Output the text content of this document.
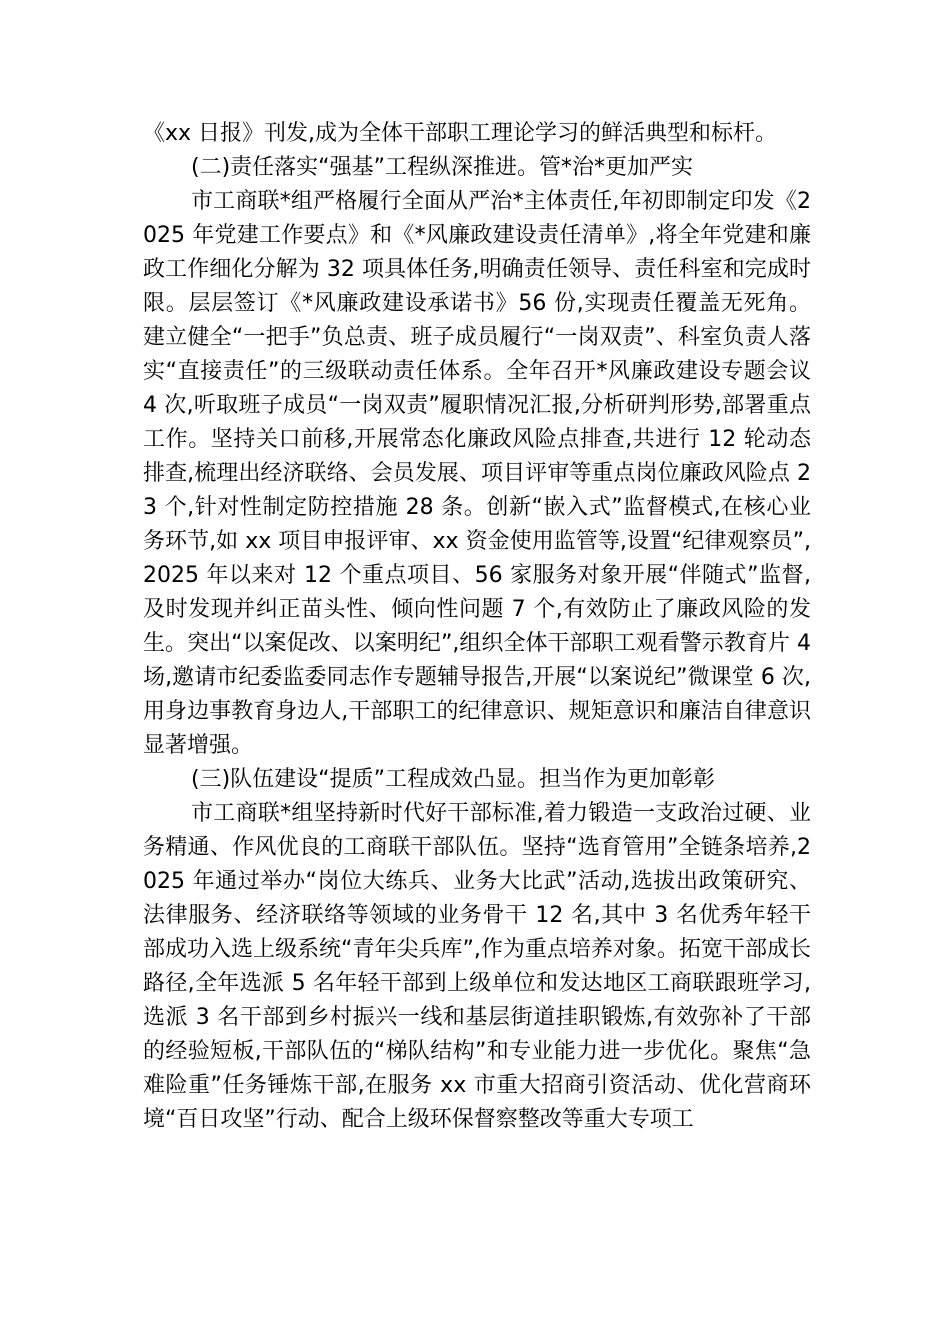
《xx 日报》刊发,成为全体干部职工理论学习的鲜活典型和标杆。

(二)责任落实“强基”工程纵深推进。管*治*更加严实

市工商联*组严格履行全面从严治*主体责任,年初即制定印发《2025 年党建工作要点》和《*风廉政建设责任清单》,将全年党建和廉政工作细化分解为 32 项具体任务,明确责任领导、责任科室和完成时限。层层签订《*风廉政建设承诺书》56 份,实现责任覆盖无死角。建立健全“一把手”负总责、班子成员履行“一岗双责”、科室负责人落实“直接责任”的三级联动责任体系。全年召开*风廉政建设专题会议 4 次,听取班子成员“一岗双责”履职情况汇报,分析研判形势,部署重点工作。坚持关口前移,开展常态化廉政风险点排查,共进行 12 轮动态排查,梳理出经济联络、会员发展、项目评审等重点岗位廉政风险点 23 个,针对性制定防控措施 28 条。创新“嵌入式”监督模式,在核心业务环节,如 xx 项目申报评审、xx 资金使用监管等,设置“纪律观察员”,2025 年以来对 12 个重点项目、56 家服务对象开展“伴随式”监督,及时发现并纠正苗头性、倾向性问题 7 个,有效防止了廉政风险的发生。突出“以案促改、以案明纪”,组织全体干部职工观看警示教育片 4 场,邀请市纪委监委同志作专题辅导报告,开展“以案说纪”微课堂 6 次,用身边事教育身边人,干部职工的纪律意识、规矩意识和廉洁自律意识显著增强。

(三)队伍建设“提质”工程成效凸显。担当作为更加彰彰

市工商联*组坚持新时代好干部标准,着力锻造一支政治过硬、业务精通、作风优良的工商联干部队伍。坚持“选育管用”全链条培养,2025 年通过举办“岗位大练兵、业务大比武”活动,选拔出政策研究、法律服务、经济联络等领域的业务骨干 12 名,其中 3 名优秀年轻干部成功入选上级系统“青年尖兵库”,作为重点培养对象。拓宽干部成长路径,全年选派 5 名年轻干部到上级单位和发达地区工商联跟班学习,选派 3 名干部到乡村振兴一线和基层街道挂职锻炼,有效弥补了干部的经验短板,干部队伍的“梯队结构”和专业能力进一步优化。聚焦“急难险重”任务锤炼干部,在服务 xx 市重大招商引资活动、优化营商环境“百日攻坚”行动、配合上级环保督察整改等重大专项工
